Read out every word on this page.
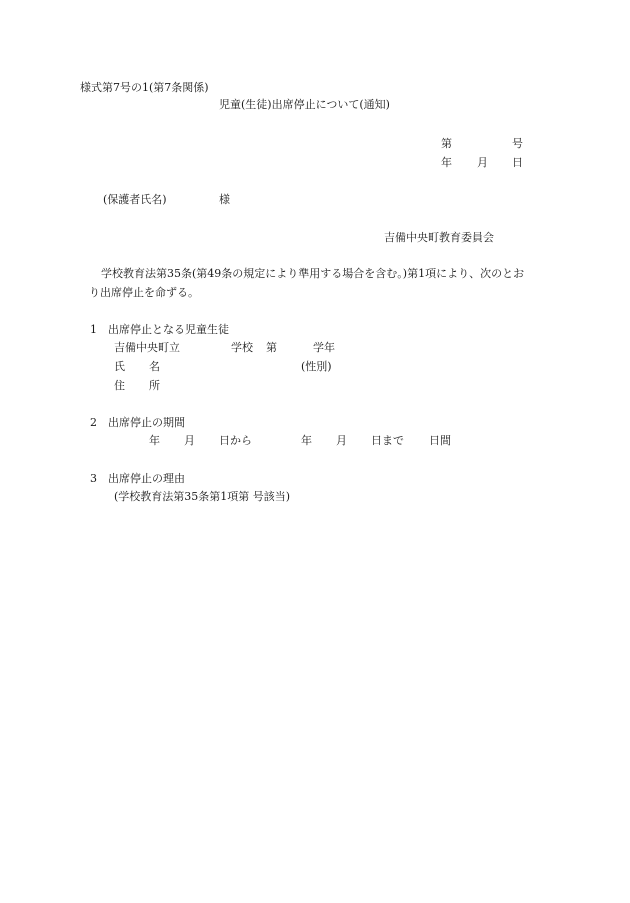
様式第7号の1(第7条関係)
児童(生徒)出席停止について(通知)
第	号
年 月 日
(保護者氏名)	様
吉備中央町教育委員会
学校教育法第35条(第49条の規定により準用する場合を含む。)第1項により、次のとお
り出席停止を命ずる。
1 出席停止となる児童生徒
吉備中央町立	学校 第	学年
氏 名	(性別)
住 所
2 出席停止の期間
年 月 日から	年 月 日まで 日間
3 出席停止の理由
(学校教育法第35条第1項第 号該当)
